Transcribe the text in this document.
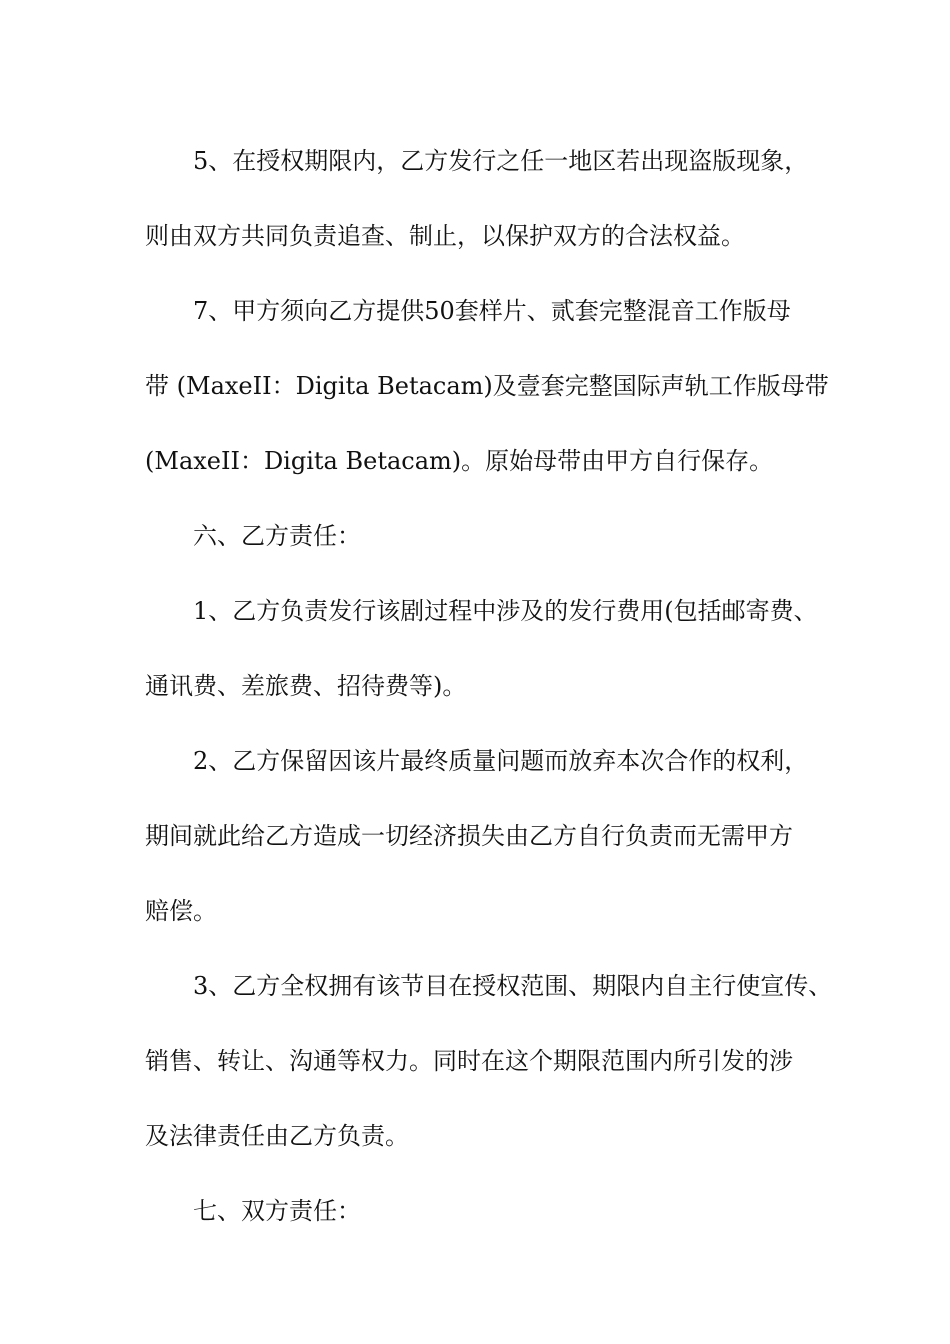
5、在授权期限内，乙方发行之任一地区若出现盗版现象，
则由双方共同负责追查、制止，以保护双方的合法权益。
7、甲方须向乙方提供50套样片、贰套完整混音工作版母
带 (MaxeII：Digita Betacam)及壹套完整国际声轨工作版母带
(MaxeII：Digita Betacam)。原始母带由甲方自行保存。
六、乙方责任：
1、乙方负责发行该剧过程中涉及的发行费用(包括邮寄费、
通讯费、差旅费、招待费等)。
2、乙方保留因该片最终质量问题而放弃本次合作的权利，
期间就此给乙方造成一切经济损失由乙方自行负责而无需甲方
赔偿。
3、乙方全权拥有该节目在授权范围、期限内自主行使宣传、
销售、转让、沟通等权力。同时在这个期限范围内所引发的涉
及法律责任由乙方负责。
七、双方责任：
